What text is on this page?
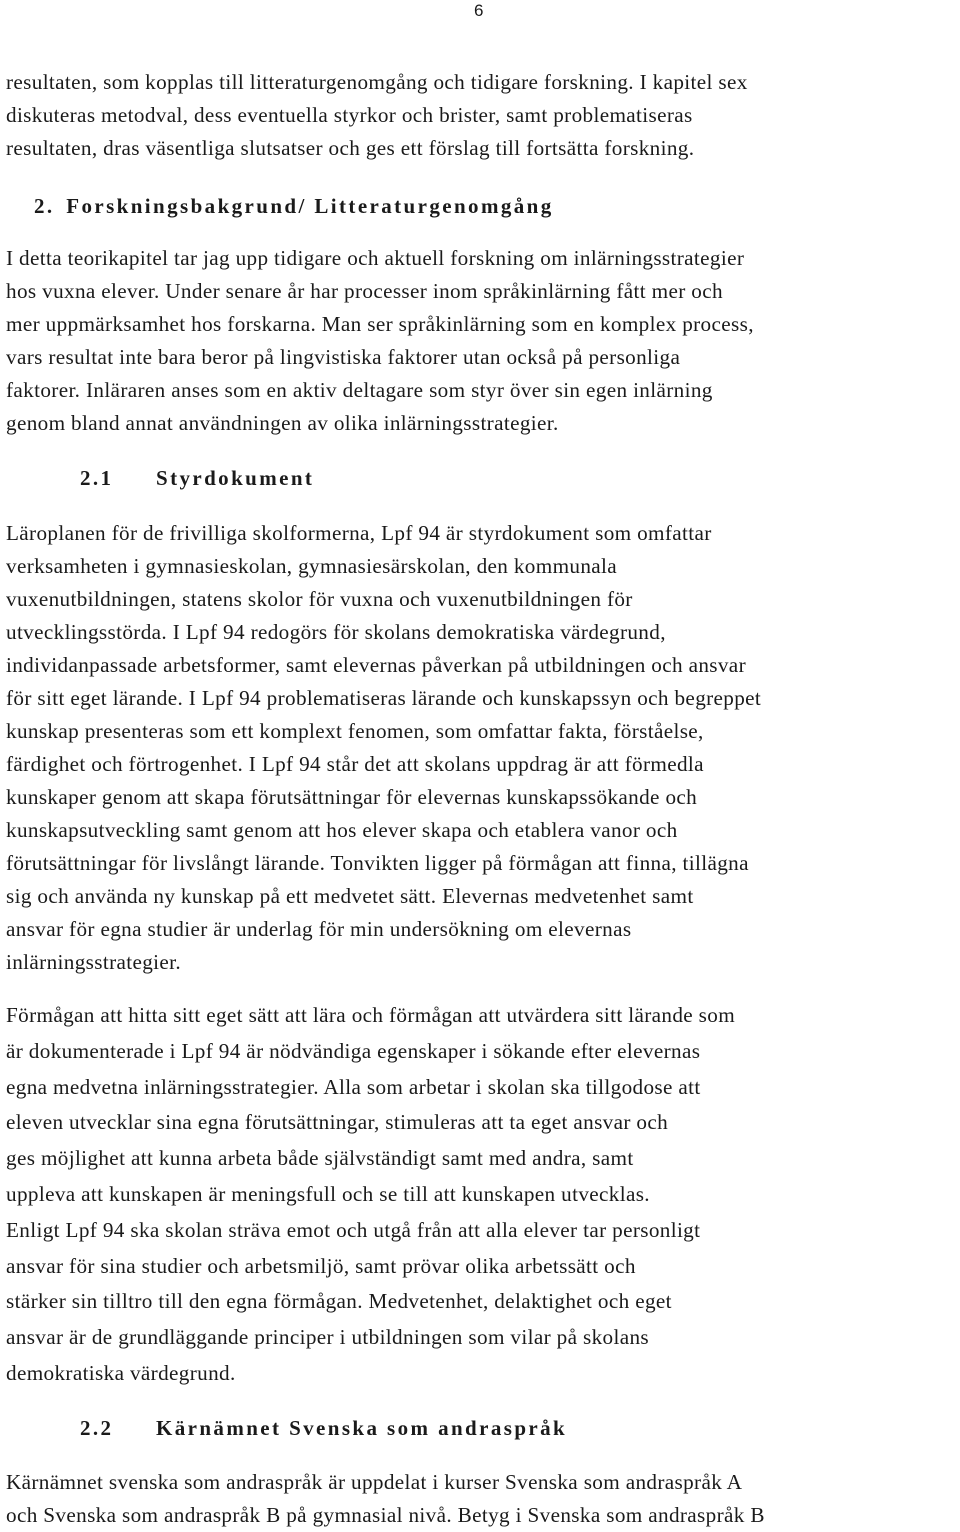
6
resultaten, som kopplas till litteraturgenomgång och tidigare forskning. I kapitel sex
diskuteras metodval, dess eventuella styrkor och brister, samt problematiseras
resultaten, dras väsentliga slutsatser och ges ett förslag till fortsätta forskning.
2. Forskningsbakgrund/ Litteraturgenomgång
I detta teorikapitel tar jag upp tidigare och aktuell forskning om inlärningsstrategier
hos vuxna elever. Under senare år har processer inom språkinlärning fått mer och
mer uppmärksamhet hos forskarna. Man ser språkinlärning som en komplex process,
vars resultat inte bara beror på lingvistiska faktorer utan också på personliga
faktorer. Inläraren anses som en aktiv deltagare som styr över sin egen inlärning
genom bland annat användningen av olika inlärningsstrategier.
2.1 Styrdokument
Läroplanen för de frivilliga skolformerna, Lpf 94 är styrdokument som omfattar
verksamheten i gymnasieskolan, gymnasiesärskolan, den kommunala
vuxenutbildningen, statens skolor för vuxna och vuxenutbildningen för
utvecklingsstörda. I Lpf 94 redogörs för skolans demokratiska värdegrund,
individanpassade arbetsformer, samt elevernas påverkan på utbildningen och ansvar
för sitt eget lärande. I Lpf 94 problematiseras lärande och kunskapssyn och begreppet
kunskap presenteras som ett komplext fenomen, som omfattar fakta, förståelse,
färdighet och förtrogenhet. I Lpf 94 står det att skolans uppdrag är att förmedla
kunskaper genom att skapa förutsättningar för elevernas kunskapssökande och
kunskapsutveckling samt genom att hos elever skapa och etablera vanor och
förutsättningar för livslångt lärande. Tonvikten ligger på förmågan att finna, tillägna
sig och använda ny kunskap på ett medvetet sätt. Elevernas medvetenhet samt
ansvar för egna studier är underlag för min undersökning om elevernas
inlärningsstrategier.
Förmågan att hitta sitt eget sätt att lära och förmågan att utvärdera sitt lärande som
är dokumenterade i Lpf 94 är nödvändiga egenskaper i sökande efter elevernas
egna medvetna inlärningsstrategier. Alla som arbetar i skolan ska tillgodose att
eleven utvecklar sina egna förutsättningar, stimuleras att ta eget ansvar och
ges möjlighet att kunna arbeta både självständigt samt med andra, samt
uppleva att kunskapen är meningsfull och se till att kunskapen utvecklas.
Enligt Lpf 94 ska skolan sträva emot och utgå från att alla elever tar personligt
ansvar för sina studier och arbetsmiljö, samt prövar olika arbetssätt och
stärker sin tilltro till den egna förmågan. Medvetenhet, delaktighet och eget
ansvar är de grundläggande principer i utbildningen som vilar på skolans
demokratiska värdegrund.
2.2 Kärnämnet Svenska som andraspråk
Kärnämnet svenska som andraspråk är uppdelat i kurser Svenska som andraspråk A
och Svenska som andraspråk B på gymnasial nivå. Betyg i Svenska som andraspråk B
